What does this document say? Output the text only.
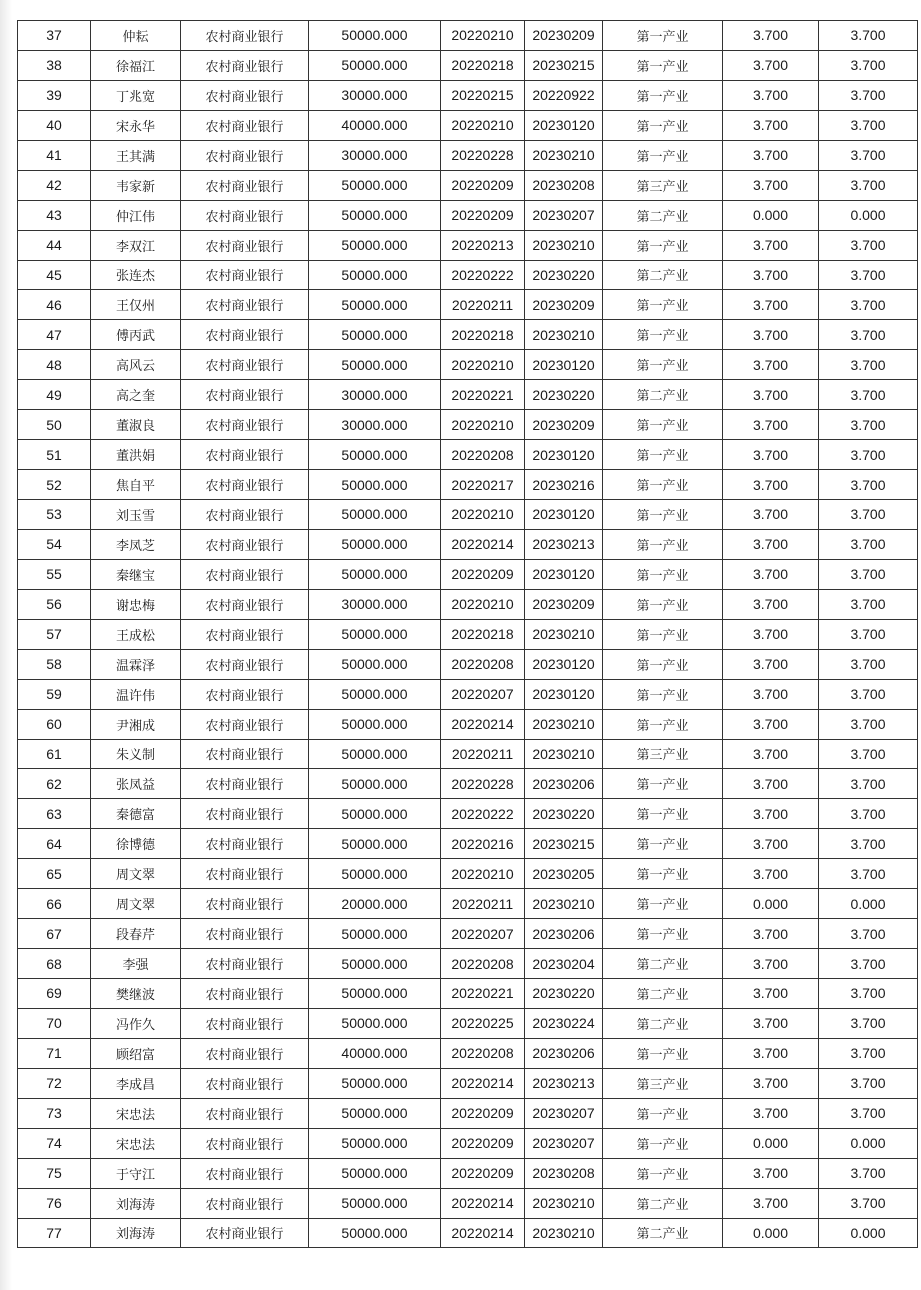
37	仲耘	农村商业银行	50000.000	20220210	20230209	第一产业	3.700	3.700
38	徐福江	农村商业银行	50000.000	20220218	20230215	第一产业	3.700	3.700
39	丁兆宽	农村商业银行	30000.000	20220215	20220922	第一产业	3.700	3.700
40	宋永华	农村商业银行	40000.000	20220210	20230120	第一产业	3.700	3.700
41	王其满	农村商业银行	30000.000	20220228	20230210	第一产业	3.700	3.700
42	韦家新	农村商业银行	50000.000	20220209	20230208	第三产业	3.700	3.700
43	仲江伟	农村商业银行	50000.000	20220209	20230207	第二产业	0.000	0.000
44	李双江	农村商业银行	50000.000	20220213	20230210	第一产业	3.700	3.700
45	张连杰	农村商业银行	50000.000	20220222	20230220	第二产业	3.700	3.700
46	王仅州	农村商业银行	50000.000	20220211	20230209	第一产业	3.700	3.700
47	傅丙武	农村商业银行	50000.000	20220218	20230210	第一产业	3.700	3.700
48	高风云	农村商业银行	50000.000	20220210	20230120	第一产业	3.700	3.700
49	高之奎	农村商业银行	30000.000	20220221	20230220	第二产业	3.700	3.700
50	董淑良	农村商业银行	30000.000	20220210	20230209	第一产业	3.700	3.700
51	董洪娟	农村商业银行	50000.000	20220208	20230120	第一产业	3.700	3.700
52	焦自平	农村商业银行	50000.000	20220217	20230216	第一产业	3.700	3.700
53	刘玉雪	农村商业银行	50000.000	20220210	20230120	第一产业	3.700	3.700
54	李凤芝	农村商业银行	50000.000	20220214	20230213	第一产业	3.700	3.700
55	秦继宝	农村商业银行	50000.000	20220209	20230120	第一产业	3.700	3.700
56	谢忠梅	农村商业银行	30000.000	20220210	20230209	第一产业	3.700	3.700
57	王成松	农村商业银行	50000.000	20220218	20230210	第一产业	3.700	3.700
58	温霖泽	农村商业银行	50000.000	20220208	20230120	第一产业	3.700	3.700
59	温许伟	农村商业银行	50000.000	20220207	20230120	第一产业	3.700	3.700
60	尹湘成	农村商业银行	50000.000	20220214	20230210	第一产业	3.700	3.700
61	朱义制	农村商业银行	50000.000	20220211	20230210	第三产业	3.700	3.700
62	张凤益	农村商业银行	50000.000	20220228	20230206	第一产业	3.700	3.700
63	秦德富	农村商业银行	50000.000	20220222	20230220	第一产业	3.700	3.700
64	徐博德	农村商业银行	50000.000	20220216	20230215	第一产业	3.700	3.700
65	周文翠	农村商业银行	50000.000	20220210	20230205	第一产业	3.700	3.700
66	周文翠	农村商业银行	20000.000	20220211	20230210	第一产业	0.000	0.000
67	段春芹	农村商业银行	50000.000	20220207	20230206	第一产业	3.700	3.700
68	李强	农村商业银行	50000.000	20220208	20230204	第二产业	3.700	3.700
69	樊继波	农村商业银行	50000.000	20220221	20230220	第二产业	3.700	3.700
70	冯作久	农村商业银行	50000.000	20220225	20230224	第二产业	3.700	3.700
71	顾绍富	农村商业银行	40000.000	20220208	20230206	第一产业	3.700	3.700
72	李成昌	农村商业银行	50000.000	20220214	20230213	第三产业	3.700	3.700
73	宋忠法	农村商业银行	50000.000	20220209	20230207	第一产业	3.700	3.700
74	宋忠法	农村商业银行	50000.000	20220209	20230207	第一产业	0.000	0.000
75	于守江	农村商业银行	50000.000	20220209	20230208	第一产业	3.700	3.700
76	刘海涛	农村商业银行	50000.000	20220214	20230210	第二产业	3.700	3.700
77	刘海涛	农村商业银行	50000.000	20220214	20230210	第二产业	0.000	0.000
